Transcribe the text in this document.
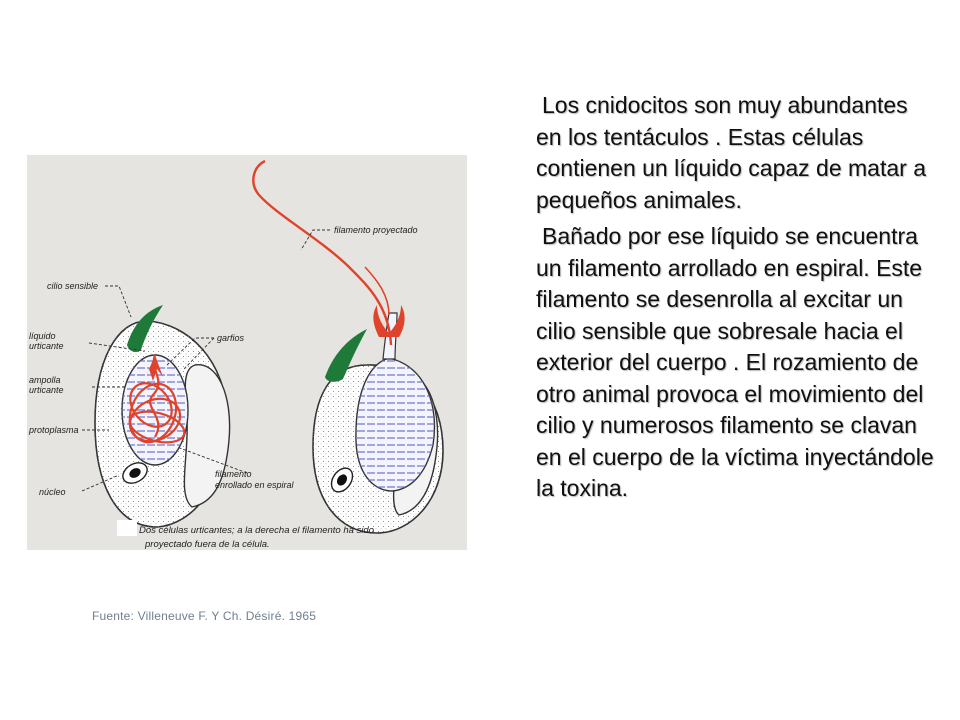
cilio sensible
líquido
urticante
ampolla
urticante
protoplasma
núcleo
garfios
filamento proyectado
filamento
enrollado en espiral
Dos células urticantes; a la derecha el filamento ha sido
proyectado fuera de la célula.
Fuente: Villeneuve F. Y Ch. Désiré. 1965

Los cnidocitos son muy abundantes en los tentáculos . Estas células contienen un líquido capaz de matar a pequeños animales.

Bañado por ese líquido se encuentra un filamento arrollado en espiral. Este filamento se desenrolla al excitar un cilio sensible que sobresale hacia el exterior del cuerpo . El rozamiento de otro animal provoca el movimiento del cilio y numerosos filamento se clavan en el cuerpo de la víctima inyectándole la toxina.
